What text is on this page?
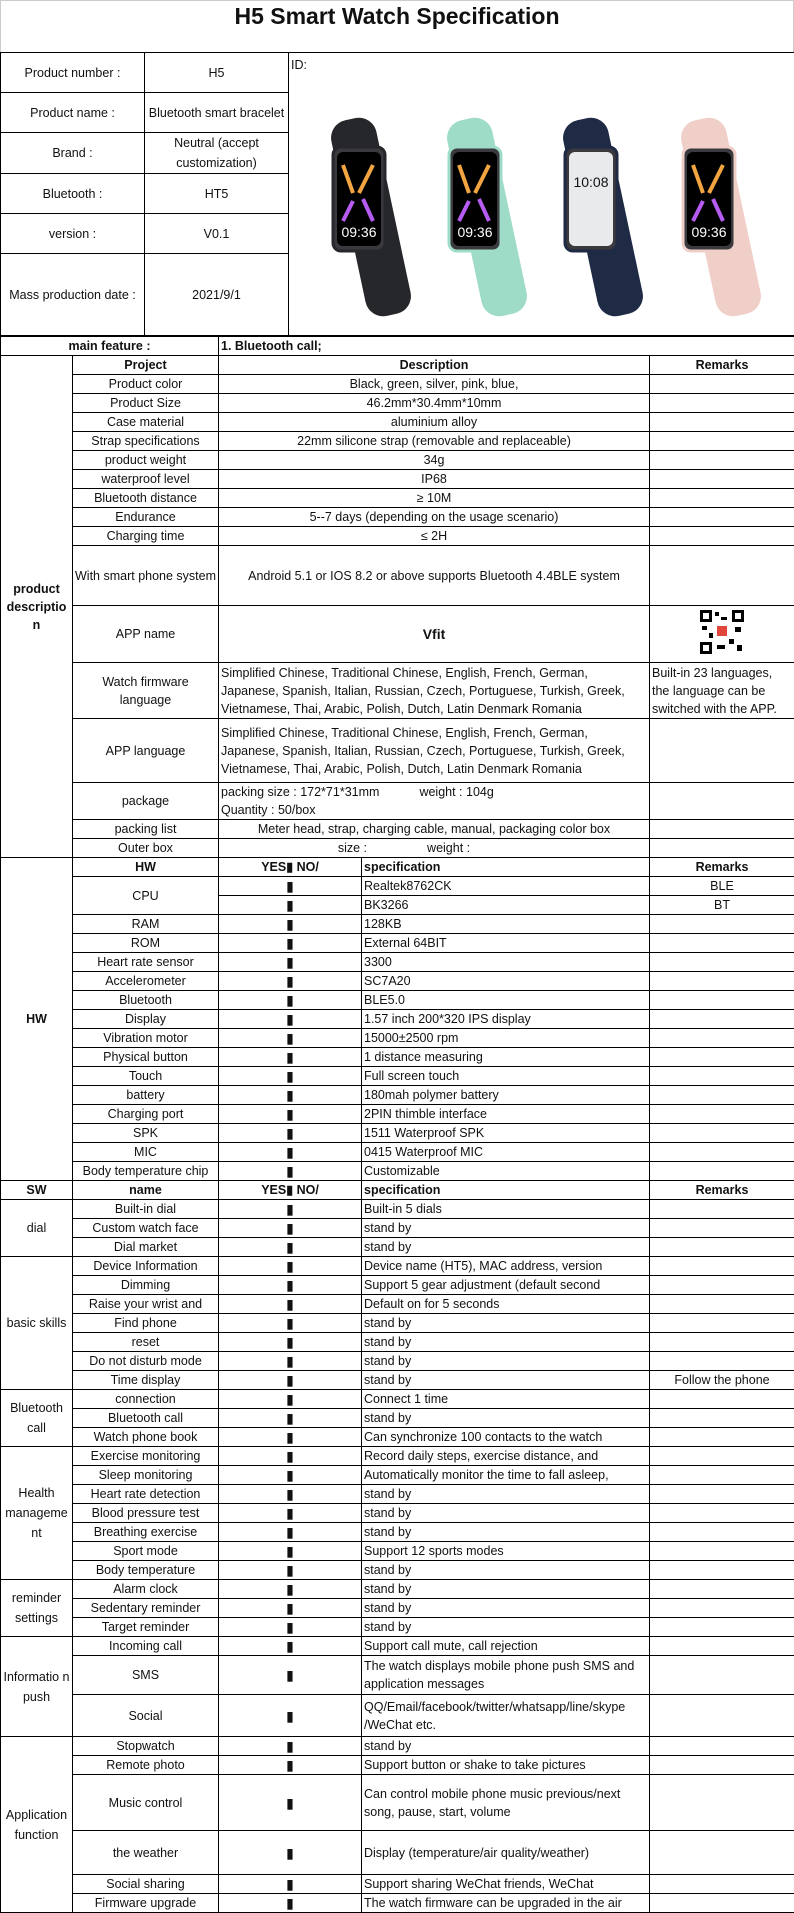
H5 Smart Watch Specification
Product number :	H5	ID:
09:36 09:36
10:08
09:36

Product name :	Bluetooth smart bracelet	
Brand :	Neutral (accept customization)	
Bluetooth :	HT5	
version :	V0.1	
Mass production date :	2021/9/1	
main feature :		1. Bluetooth call;		
product descriptio n	Project	Description		Remarks
	Product color	Black, green, silver, pink, blue,		
	Product Size	46.2mm*30.4mm*10mm		
	Case material	aluminium alloy		
	Strap specifications	22mm silicone strap (removable and replaceable)		
	product weight	34g		
	waterproof level	IP68		
	Bluetooth distance	≥ 10M		
	Endurance	5--7 days (depending on the usage scenario)		
	Charging time	≤ 2H		
	With smart phone system	Android 5.1 or IOS 8.2 or above supports Bluetooth 4.4BLE system		
	APP name	Vfit	
	Watch firmware language	Simplified Chinese, Traditional Chinese, English, French, German, Japanese, Spanish, Italian, Russian, Czech, Portuguese, Turkish, Greek, Vietnamese, Thai, Arabic, Polish, Dutch, Latin Denmark Romania		Built-in 23 languages, the language can be switched with the APP.
	APP language	Simplified Chinese, Traditional Chinese, English, French, German, Japanese, Spanish, Italian, Russian, Czech, Portuguese, Turkish, Greek, Vietnamese, Thai, Arabic, Polish, Dutch, Latin Denmark Romania		
	package	packing size : 172*71*31mm weight : 104gQuantity : 50/box		
	packing list	Meter head, strap, charging cable, manual, packaging color box		
	Outer box	size : weight :		
HW	HW	YES▮ NO/	specification	Remarks
	CPU	▮	Realtek8762CK	BLE
		▮	BK3266	BT
	RAM	▮	128KB	
	ROM	▮	External 64BIT	
	Heart rate sensor	▮	3300	
	Accelerometer	▮	SC7A20	
	Bluetooth	▮	BLE5.0	
	Display	▮	1.57 inch 200*320 IPS display	
	Vibration motor	▮	15000±2500 rpm	
	Physical button	▮	1 distance measuring	
	Touch	▮	Full screen touch	
	battery	▮	180mah polymer battery	
	Charging port	▮	2PIN thimble interface	
	SPK	▮	1511 Waterproof SPK	
	MIC	▮	0415 Waterproof MIC	
	Body temperature chip	▮	Customizable	
SW	name	YES▮ NO/	specification	Remarks
dial	Built-in dial	▮	Built-in 5 dials	
	Custom watch face	▮	stand by	
	Dial market	▮	stand by	
basic skills	Device Information	▮	Device name (HT5), MAC address, version	
	Dimming	▮	Support 5 gear adjustment (default second	
	Raise your wrist and	▮	Default on for 5 seconds	
	Find phone	▮	stand by	
	reset	▮	stand by	
	Do not disturb mode	▮	stand by	
	Time display	▮	stand by	Follow the phone
Bluetooth call	connection	▮	Connect 1 time	
	Bluetooth call	▮	stand by	
	Watch phone book	▮	Can synchronize 100 contacts to the watch	
Health manageme nt	Exercise monitoring	▮	Record daily steps, exercise distance, and	
	Sleep monitoring	▮	Automatically monitor the time to fall asleep,	
	Heart rate detection	▮	stand by	
	Blood pressure test	▮	stand by	
	Breathing exercise	▮	stand by	
	Sport mode	▮	Support 12 sports modes	
	Body temperature	▮	stand by	
reminder settings	Alarm clock	▮	stand by	
	Sedentary reminder	▮	stand by	
	Target reminder	▮	stand by	
Informatio n push	Incoming call	▮	Support call mute, call rejection	
	SMS	▮	The watch displays mobile phone push SMS and application messages	
	Social	▮	QQ/Email/facebook/twitter/whatsapp/line/skype /WeChat etc.	
Application function	Stopwatch	▮	stand by	
	Remote photo	▮	Support button or shake to take pictures	
	Music control	▮	Can control mobile phone music previous/next song, pause, start, volume	
	the weather	▮	Display (temperature/air quality/weather)	
	Social sharing	▮	Support sharing WeChat friends, WeChat	
	Firmware upgrade	▮	The watch firmware can be upgraded in the air	
